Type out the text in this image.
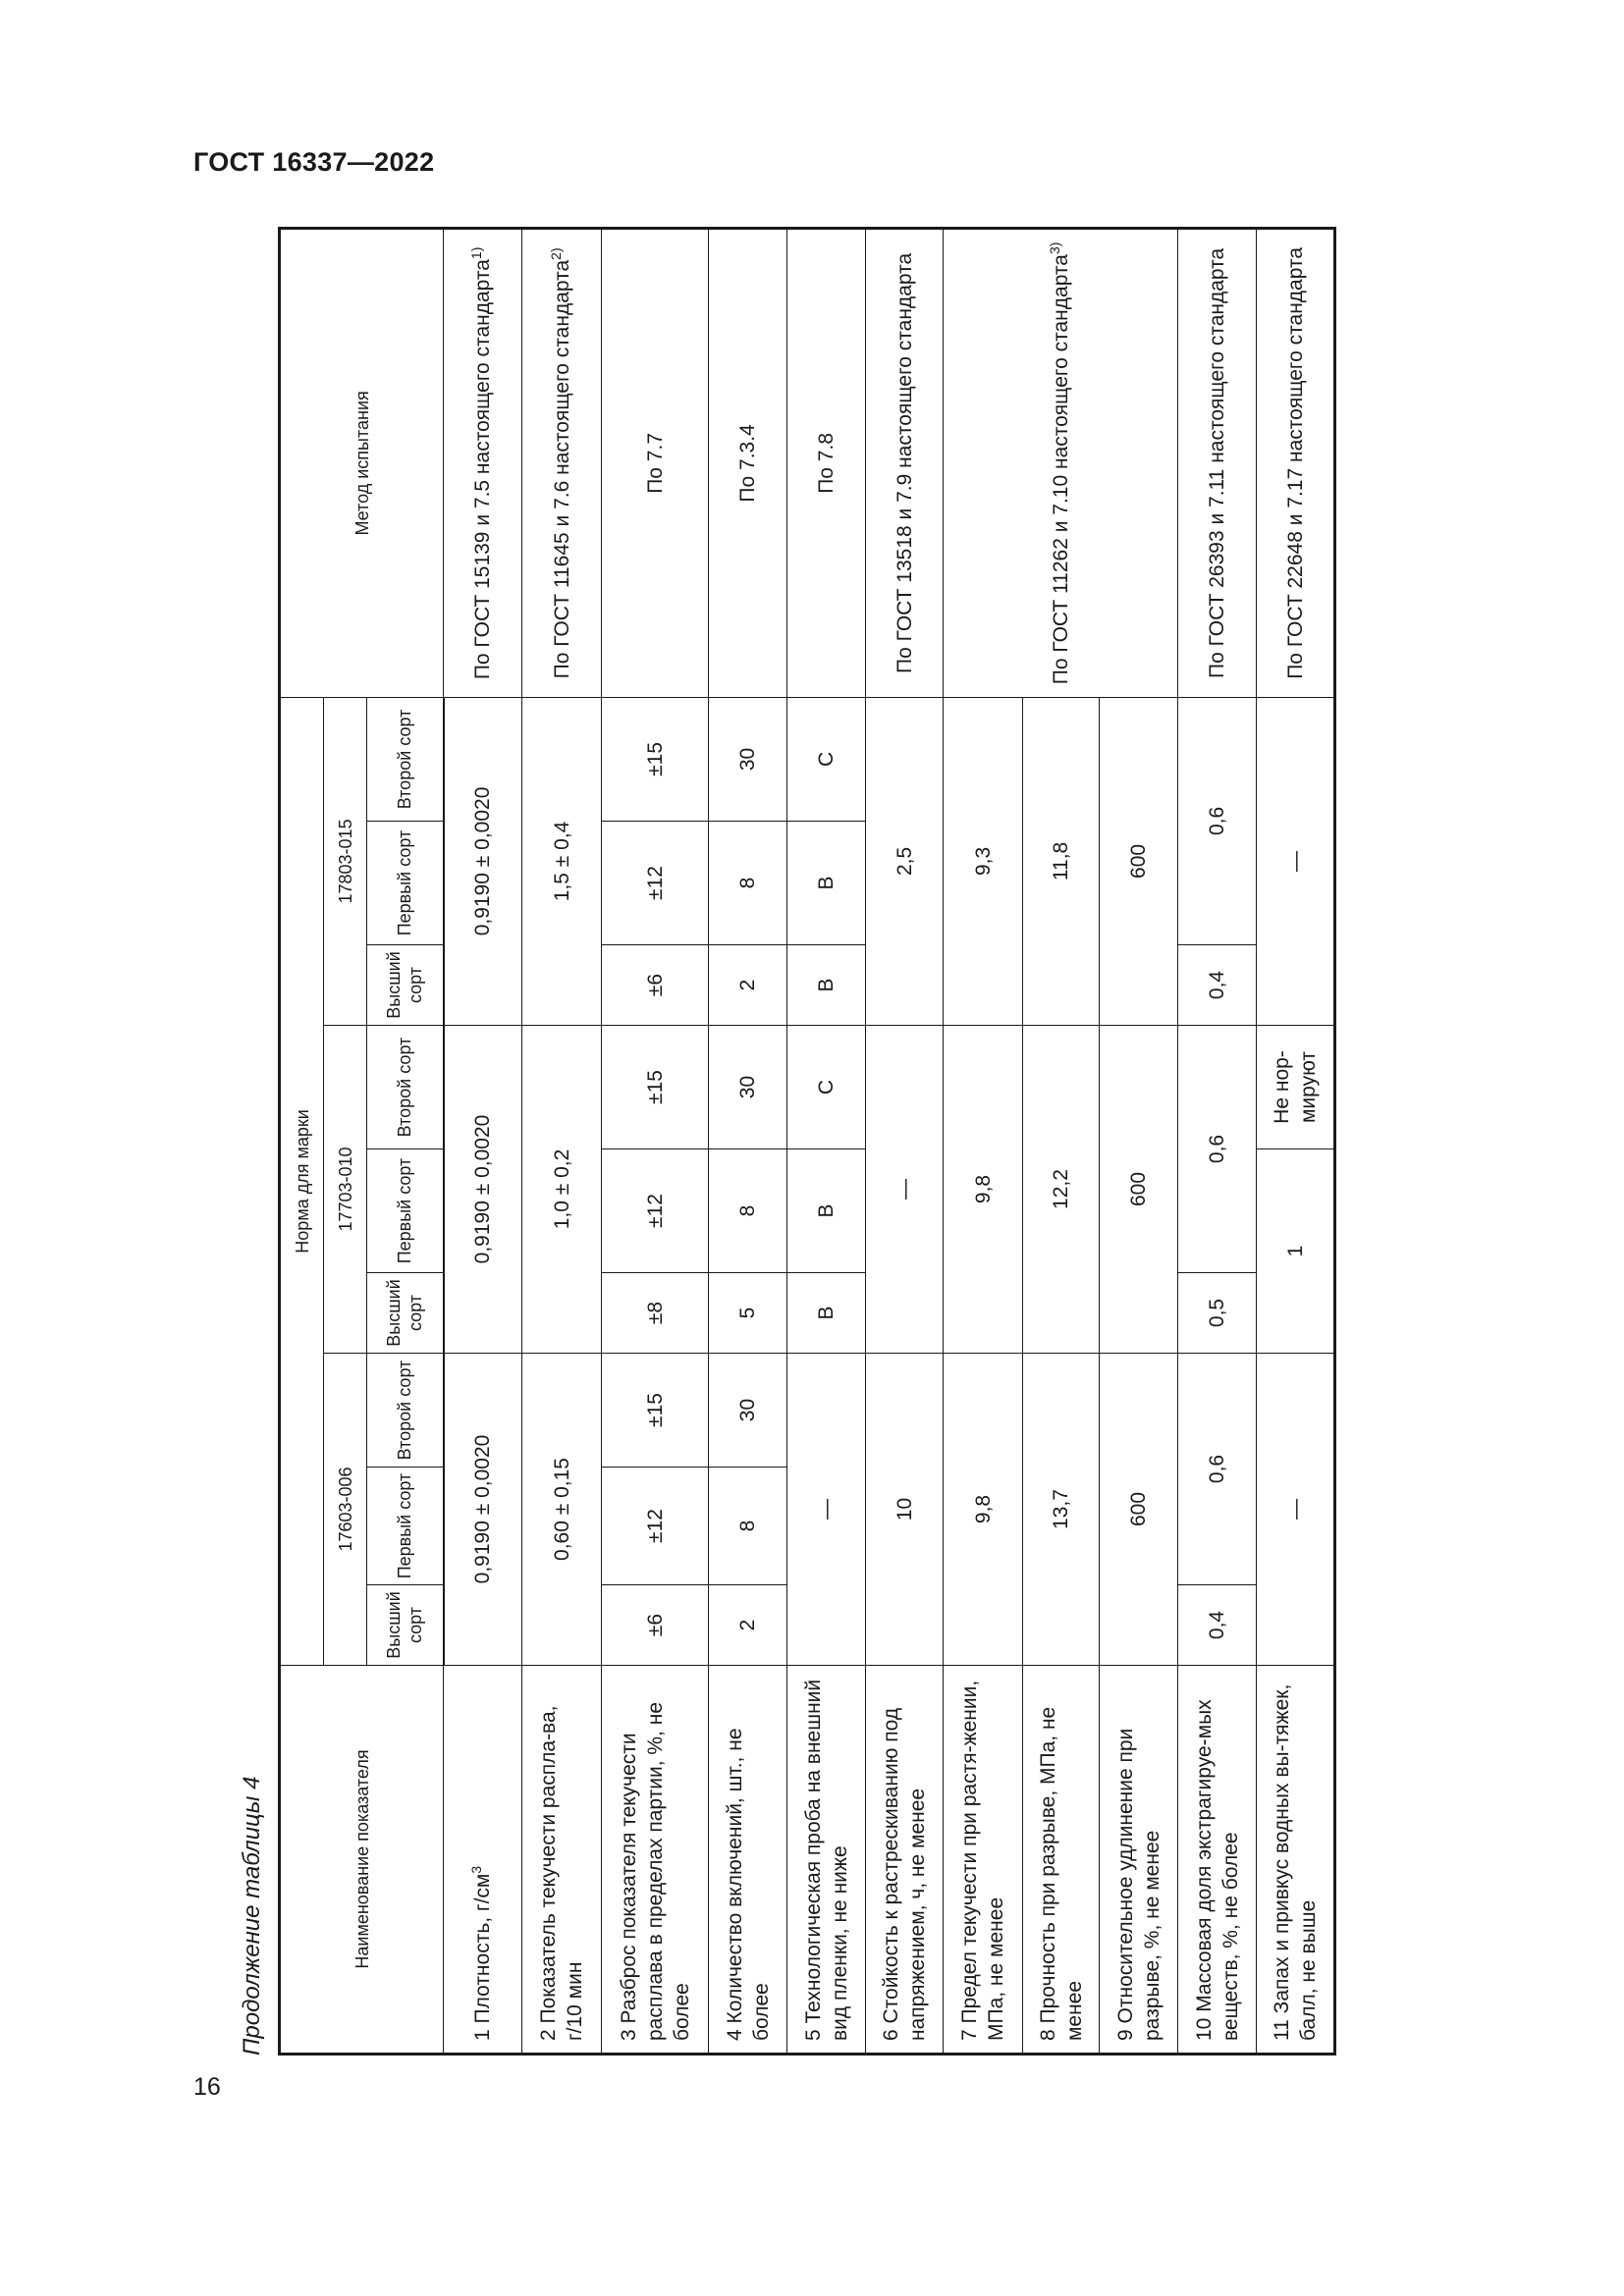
ГОСТ 16337—2022
16
Продолжение таблицы 4	Наименование показателя	Норма для марки									Метод испытания
	17603-006			17703-010			17803-015			
	Высший сорт	Первый сорт	Второй сорт	Высший сорт	Первый сорт	Второй сорт	Высший сорт	Первый сорт	Второй сорт	
1 Плотность, $г/см^3$	0,9190 ± 0,0020			0,9190 ± 0,0020			0,9190 ± 0,0020			По ГОСТ 15139 и 7.5 настоящего стандарта$^{1)}$
2 Показатель текучести распла-ва, г/10 мин	0,60 ± 0,15			1,0 ± 0,2			1,5 ± 0,4			По ГОСТ 11645 и 7.6 настоящего стандарта$^{2)}$
3 Разброс показателя текучести расплава в пределах партии, %, не более	±6	±12	±15	±8	±12	±15	±6	±12	±15	По 7.7
4 Количество включений, шт., не более	2	8	30	5	8	30	2	8	30	По 7.3.4
5 Технологическая проба на внешний вид пленки, не ниже	—			В	В	С	В	В	С	По 7.8
6 Стойкость к растрескиванию под напряжением, ч, не менее	10			—			2,5			По ГОСТ 13518 и 7.9 настоящего стандарта
7 Предел текучести при растя-жении, МПа, не менее	9,8			9,8			9,3			По ГОСТ 11262 и 7.10 настоящего стандарта$^{3)}$
8 Прочность при разрыве, МПа, не менее	13,7			12,2			11,8			
9 Относительное удлинение при разрыве, %, не менее	600			600			600			
10 Массовая доля экстрагируе-мых веществ, %, не более	0,4	0,6		0,5	0,6		0,4	0,6		По ГОСТ 26393 и 7.11 настоящего стандарта
11 Запах и привкус водных вы-тяжек, балл, не выше	—			1		Не нор-мируют	—			По ГОСТ 22648 и 7.17 настоящего стандарта
